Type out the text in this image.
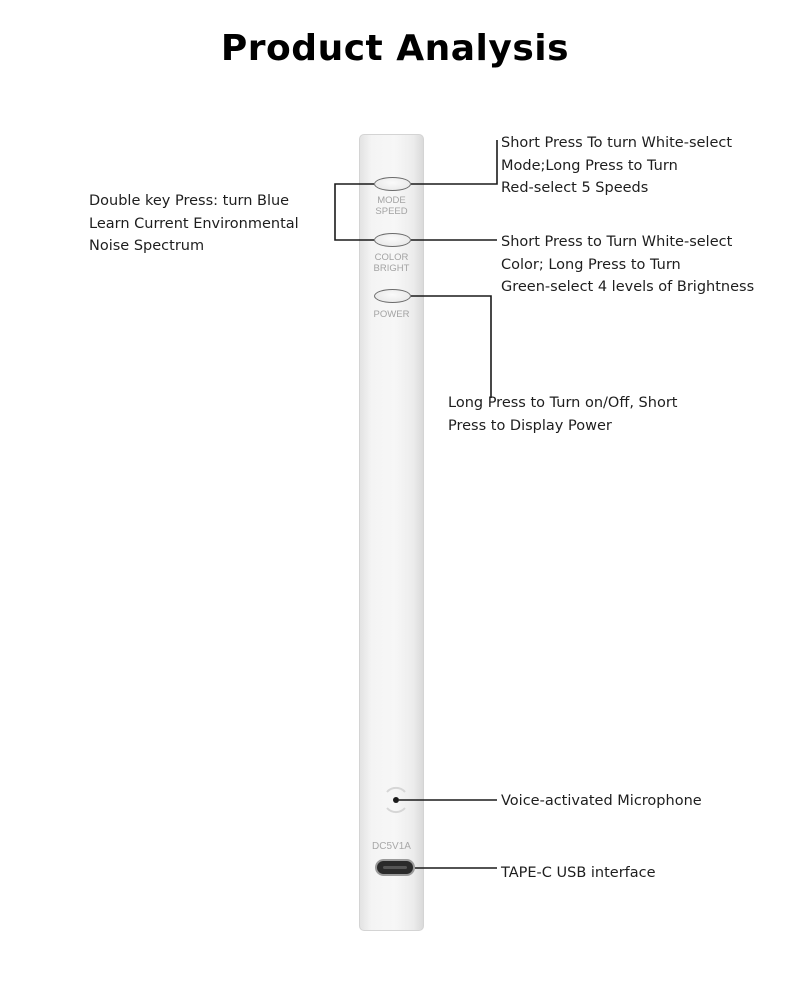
Product Analysis
MODE
SPEED
COLOR
BRIGHT
POWER
DC5V1A
Double key Press: turn Blue
Learn Current Environmental
Noise Spectrum
Short Press To turn White-select
Mode;Long Press to Turn
Red-select 5 Speeds
Short Press to Turn White-select
Color; Long Press to Turn
Green-select 4 levels of Brightness
Long Press to Turn on/Off, Short
Press to Display Power
Voice-activated Microphone
TAPE-C USB interface
